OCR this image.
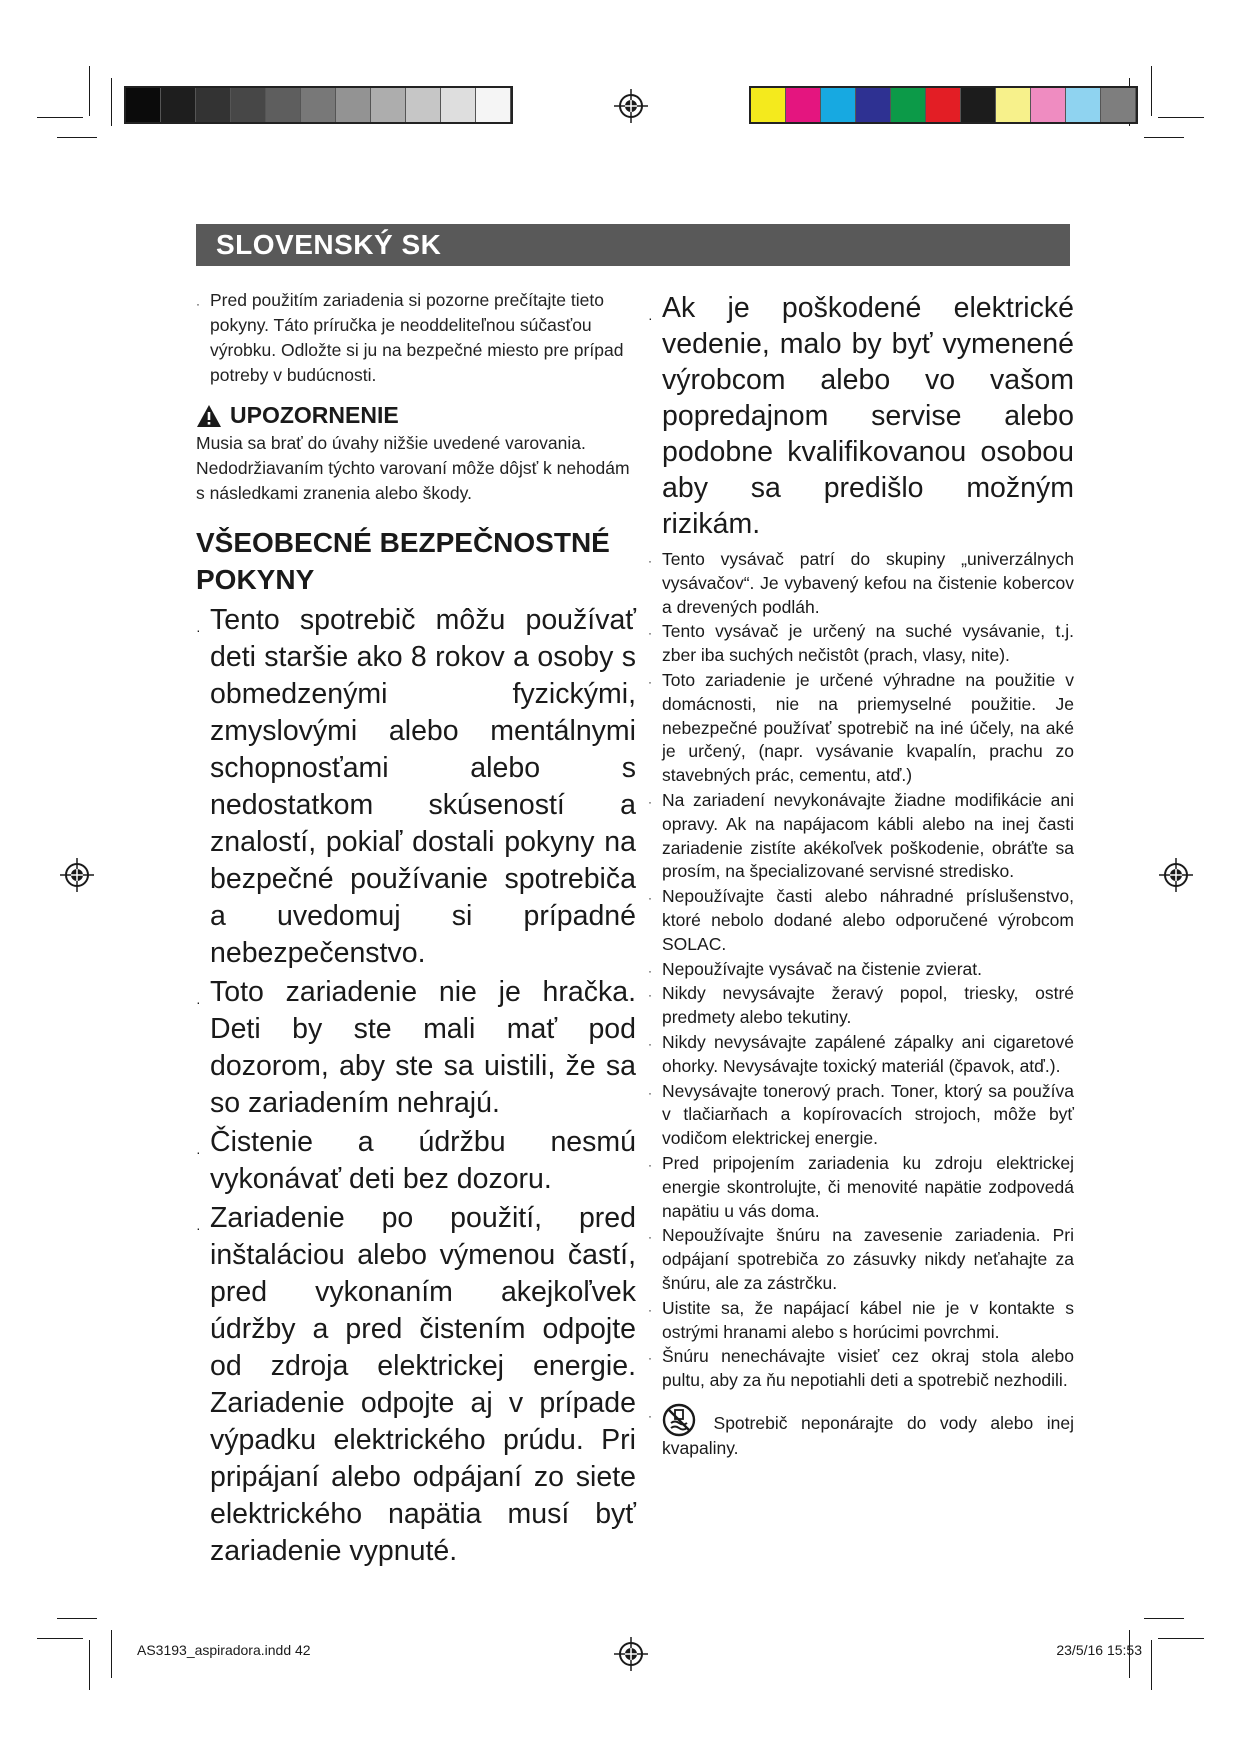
SLOVENSKÝ SK
· Pred použitím zariadenia si pozorne prečítajte tieto pokyny. Táto príručka je neoddeliteľnou súčasťou výrobku. Odložte si ju na bezpečné miesto pre prípad potreby v budúcnosti.
UPOZORNENIE
Musia sa brať do úvahy nižšie uvedené varovania. Nedodržiavaním týchto varovaní môže dôjsť k nehodám s následkami zranenia alebo škody.
VŠEOBECNÉ BEZPEČNOSTNÉ POKYNY
· Tento spotrebič môžu používať deti staršie ako 8 rokov a osoby s obmedzenými fyzickými, zmyslovými alebo mentálnymi schopnosťami alebo s nedostatkom skúseností a znalostí, pokiaľ dostali pokyny na bezpečné používanie spotrebiča a uvedomuj si prípadné nebezpečenstvo.
· Toto zariadenie nie je hračka. Deti by ste mali mať pod dozorom, aby ste sa uistili, že sa so zariadením nehrajú.
· Čistenie a údržbu nesmú vykonávať deti bez dozoru.
· Zariadenie po použití, pred inštaláciou alebo výmenou častí, pred vykonaním akejkoľvek údržby a pred čistením odpojte od zdroja elektrickej energie. Zariadenie odpojte aj v prípade výpadku elektrického prúdu. Pri pripájaní alebo odpájaní zo siete elektrického napätia musí byť zariadenie vypnuté.
· Ak je poškodené elektrické vedenie, malo by byť vymenené výrobcom alebo vo vašom popredajnom servise alebo podobne kvalifikovanou osobou aby sa predišlo možným rizikám.
· Tento vysávač patrí do skupiny „univerzálnych vysávačov“. Je vybavený kefou na čistenie kobercov a drevených podláh.
· Tento vysávač je určený na suché vysávanie, t.j. zber iba suchých nečistôt (prach, vlasy, nite).
· Toto zariadenie je určené výhradne na použitie v domácnosti, nie na priemyselné použitie. Je nebezpečné používať spotrebič na iné účely, na aké je určený, (napr. vysávanie kvapalín, prachu zo stavebných prác, cementu, atď.)
· Na zariadení nevykonávajte žiadne modifikácie ani opravy. Ak na napájacom kábli alebo na inej časti zariadenie zistíte akékoľvek poškodenie, obráťte sa prosím, na špecializované servisné stredisko.
· Nepoužívajte časti alebo náhradné príslušenstvo, ktoré nebolo dodané alebo odporučené výrobcom SOLAC.
· Nepoužívajte vysávač na čistenie zvierat.
· Nikdy nevysávajte žeravý popol, triesky, ostré predmety alebo tekutiny.
· Nikdy nevysávajte zapálené zápalky ani cigaretové ohorky. Nevysávajte toxický materiál (čpavok, atď.).
· Nevysávajte tonerový prach. Toner, ktorý sa používa v tlačiarňach a kopírovacích strojoch, môže byť vodičom elektrickej energie.
· Pred pripojením zariadenia ku zdroju elektrickej energie skontrolujte, či menovité napätie zodpovedá napätiu u vás doma.
· Nepoužívajte šnúru na zavesenie zariadenia. Pri odpájaní spotrebiča zo zásuvky nikdy neťahajte za šnúru, ale za zástrčku.
· Uistite sa, že napájací kábel nie je v kontakte s ostrými hranami alebo s horúcimi povrchmi.
· Šnúru nenechávajte visieť cez okraj stola alebo pultu, aby za ňu nepotiahli deti a spotrebič nezhodili.
·	Spotrebič neponárajte do vody alebo inej kvapaliny.
AS3193_aspiradora.indd 42	23/5/16 15:53
